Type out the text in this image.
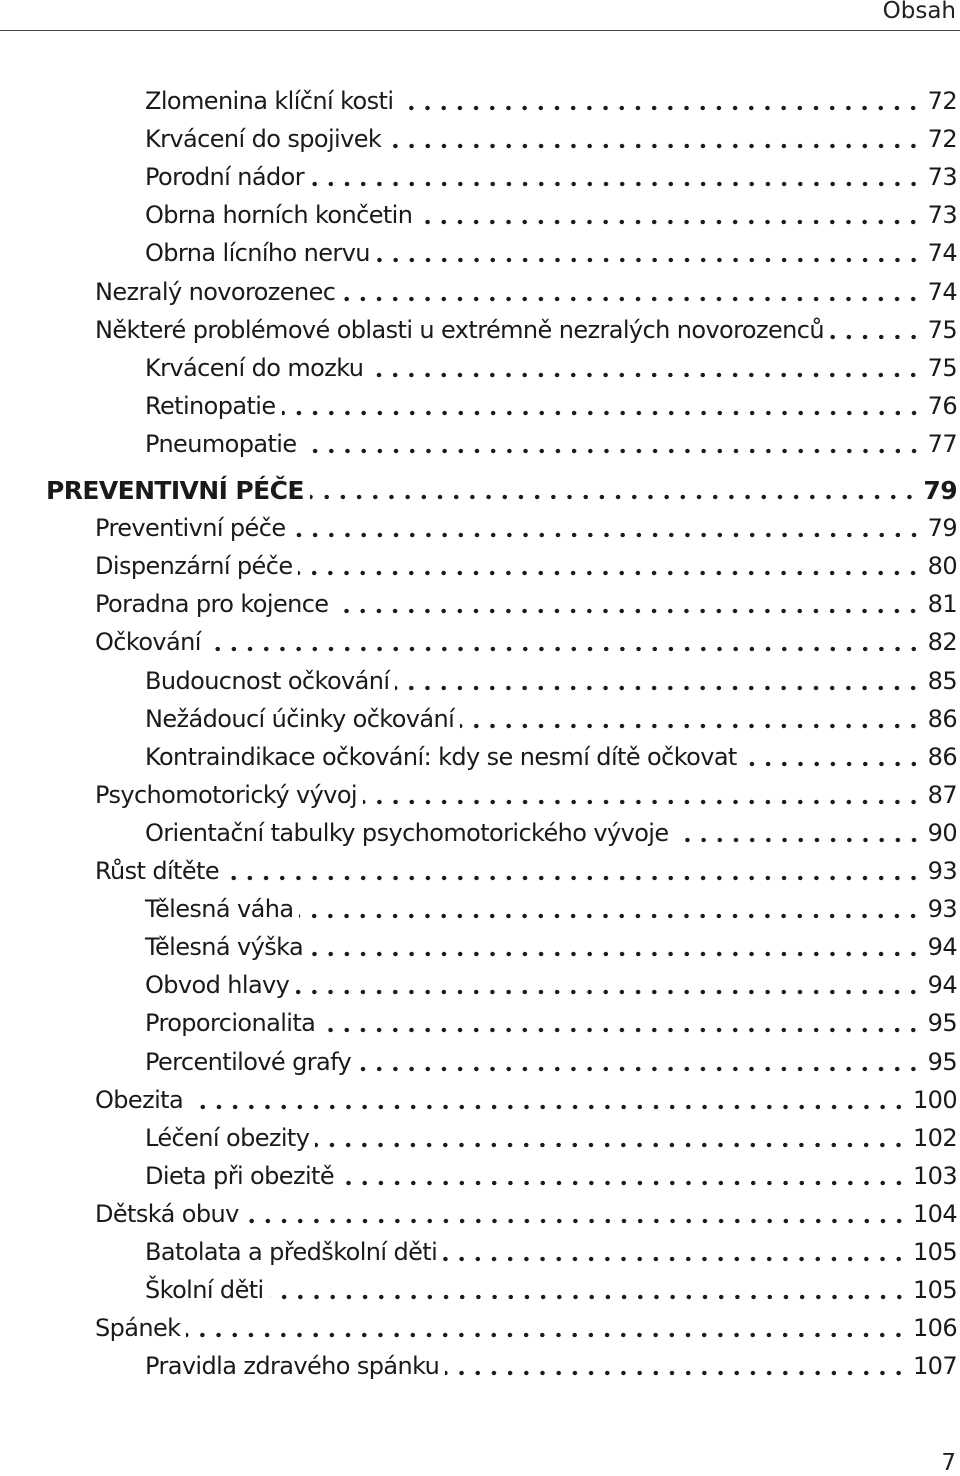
Obsah
Zlomenina klíční kosti	72
Krvácení do spojivek	72
Porodní nádor	73
Obrna horních končetin	73
Obrna lícního nervu	74
Nezralý novorozenec	74
Některé problémové oblasti u extrémně nezralých novorozenců	75
Krvácení do mozku	75
Retinopatie	76
Pneumopatie	77
PREVENTIVNÍ PÉČE	79
Preventivní péče	79
Dispenzární péče	80
Poradna pro kojence	81
Očkování	82
Budoucnost očkování	85
Nežádoucí účinky očkování	86
Kontraindikace očkování: kdy se nesmí dítě očkovat	86
Psychomotorický vývoj	87
Orientační tabulky psychomotorického vývoje	90
Růst dítěte	93
Tělesná váha	93
Tělesná výška	94
Obvod hlavy	94
Proporcionalita	95
Percentilové grafy	95
Obezita	100
Léčení obezity	102
Dieta při obezitě	103
Dětská obuv	104
Batolata a předškolní děti	105
Školní děti	105
Spánek	106
Pravidla zdravého spánku	107
7
